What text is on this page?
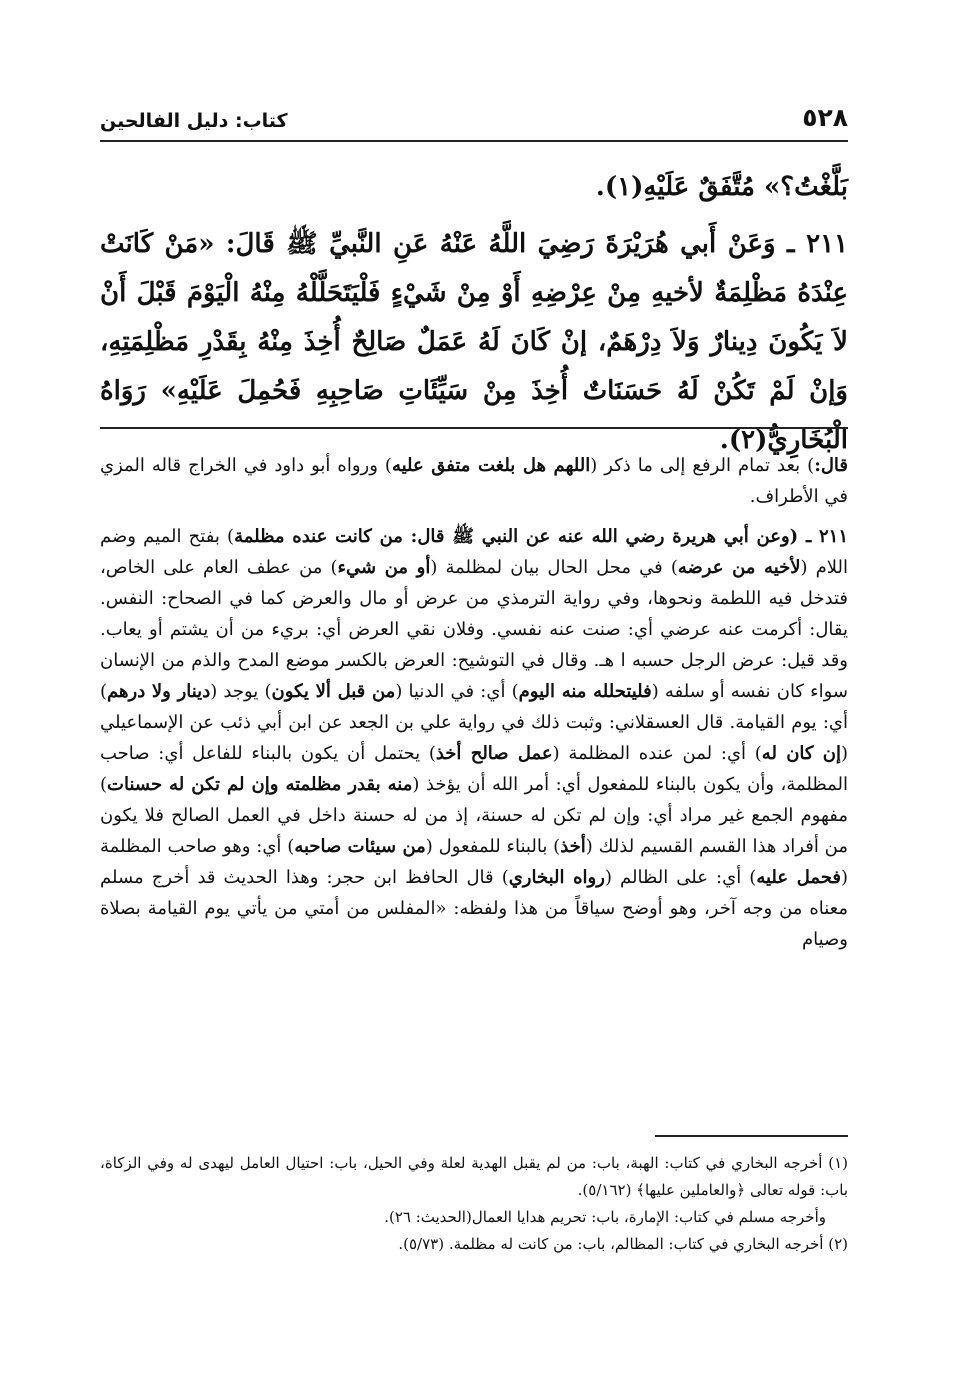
٥٢٨
كتاب: دليل الفالحين

بَلَّغْتُ؟» مُتَّفَقٌ عَلَيْهِ(١).

٢١١ ـ وَعَنْ أَبي هُرَيْرَةَ رَضِيَ اللَّهُ عَنْهُ عَنِ النَّبيِّ ﷺ قَالَ: «مَنْ كَانَتْ عِنْدَهُ مَظْلِمَةٌ لأخيهِ مِنْ عِرْضِهِ أَوْ مِنْ شَيْءٍ فَلْيَتَحَلَّلْهُ مِنْهُ الْيَوْمَ قَبْلَ أَنْ لاَ يَكُونَ دِينارٌ وَلاَ دِرْهَمٌ، إنْ كَانَ لَهُ عَمَلٌ صَالِحٌ أُخِذَ مِنْهُ بِقَدْرِ مَظْلِمَتِهِ، وَإنْ لَمْ تَكُنْ لَهُ حَسَنَاتٌ أُخِذَ مِنْ سَيِّئَاتِ صَاحِبِهِ فَحُمِلَ عَلَيْهِ» رَوَاهُ الْبُخَارِيُّ(٢).

قال:) بعد تمام الرفع إلى ما ذكر (اللهم هل بلغت متفق عليه) ورواه أبو داود في الخراج قاله المزي في الأطراف.

٢١١ ـ (وعن أبي هريرة رضي الله عنه عن النبي ﷺ قال: من كانت عنده مظلمة) بفتح الميم وضم اللام (لأخيه من عرضه) في محل الحال بيان لمظلمة (أو من شيء) من عطف العام على الخاص، فتدخل فيه اللطمة ونحوها، وفي رواية الترمذي من عرض أو مال والعرض كما في الصحاح: النفس. يقال: أكرمت عنه عرضي أي: صنت عنه نفسي. وفلان نقي العرض أي: بريء من أن يشتم أو يعاب. وقد قيل: عرض الرجل حسبه ا هـ. وقال في التوشيح: العرض بالكسر موضع المدح والذم من الإنسان سواء كان نفسه أو سلفه (فليتحلله منه اليوم) أي: في الدنيا (من قبل ألا يكون) يوجد (دينار ولا درهم) أي: يوم القيامة. قال العسقلاني: وثبت ذلك في رواية علي بن الجعد عن ابن أبي ذئب عن الإسماعيلي (إن كان له) أي: لمن عنده المظلمة (عمل صالح أخذ) يحتمل أن يكون بالبناء للفاعل أي: صاحب المظلمة، وأن يكون بالبناء للمفعول أي: أمر الله أن يؤخذ (منه بقدر مظلمته وإن لم تكن له حسنات) مفهوم الجمع غير مراد أي: وإن لم تكن له حسنة، إذ من له حسنة داخل في العمل الصالح فلا يكون من أفراد هذا القسم القسيم لذلك (أخذ) بالبناء للمفعول (من سيئات صاحبه) أي: وهو صاحب المظلمة (فحمل عليه) أي: على الظالم (رواه البخاري) قال الحافظ ابن حجر: وهذا الحديث قد أخرج مسلم معناه من وجه آخر، وهو أوضح سياقاً من هذا ولفظه: «المفلس من أمتي من يأتي يوم القيامة بصلاة وصيام

(١) أخرجه البخاري في كتاب: الهبة، باب: من لم يقبل الهدية لعلة وفي الحيل، باب: احتيال العامل ليهدى له وفي الزكاة، باب: قوله تعالى ﴿والعاملين عليها﴾ (٥/١٦٢).

وأخرجه مسلم في كتاب: الإمارة، باب: تحريم هدايا العمال(الحديث: ٢٦).

(٢) أخرجه البخاري في كتاب: المظالم، باب: من كانت له مظلمة. (٥/٧٣).
